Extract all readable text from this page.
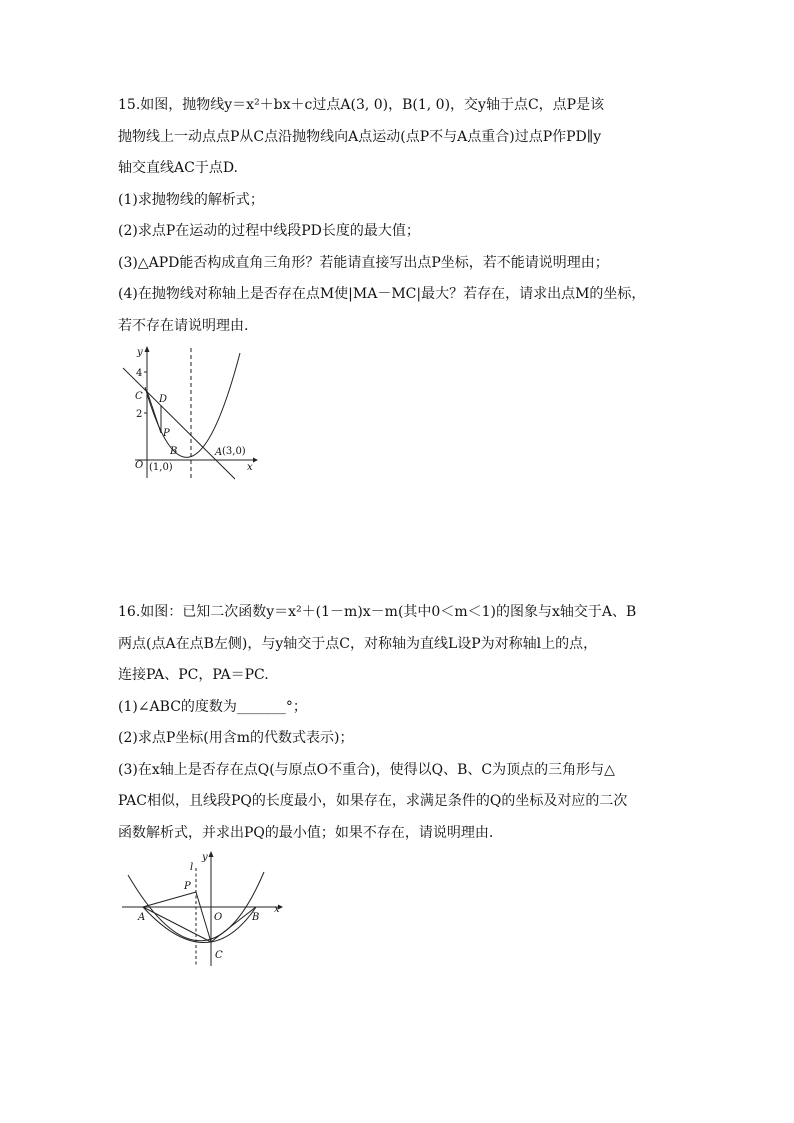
15.如图，抛物线y＝x²＋bx＋c过点A(3, 0)，B(1, 0)，交y轴于点C，点P是该

抛物线上一动点点P从C点沿抛物线向A点运动(点P不与A点重合)过点P作PD∥y

轴交直线AC于点D.

(1)求抛物线的解析式；

(2)求点P在运动的过程中线段PD长度的最大值；

(3)△APD能否构成直角三角形？若能请直接写出点P坐标，若不能请说明理由；

(4)在抛物线对称轴上是否存在点M使|MA－MC|最大？若存在，请求出点M的坐标，

若不存在请说明理由.

y
x
4
2
C D
P
B
O (1,0)
A (3,0)

16.如图：已知二次函数y＝x²＋(1－m)x－m(其中0＜m＜1)的图象与x轴交于A、B

两点(点A在点B左侧)，与y轴交于点C，对称轴为直线L设P为对称轴l上的点，

连接PA、PC，PA＝PC.

(1)∠ABC的度数为_______°；

(2)求点P坐标(用含m的代数式表示)；

(3)在x轴上是否存在点Q(与原点O不重合)，使得以Q、B、C为顶点的三角形与△

PAC相似，且线段PQ的长度最小，如果存在，求满足条件的Q的坐标及对应的二次

函数解析式，并求出PQ的最小值；如果不存在，请说明理由.

l
y
x
P
A	O	B
C
